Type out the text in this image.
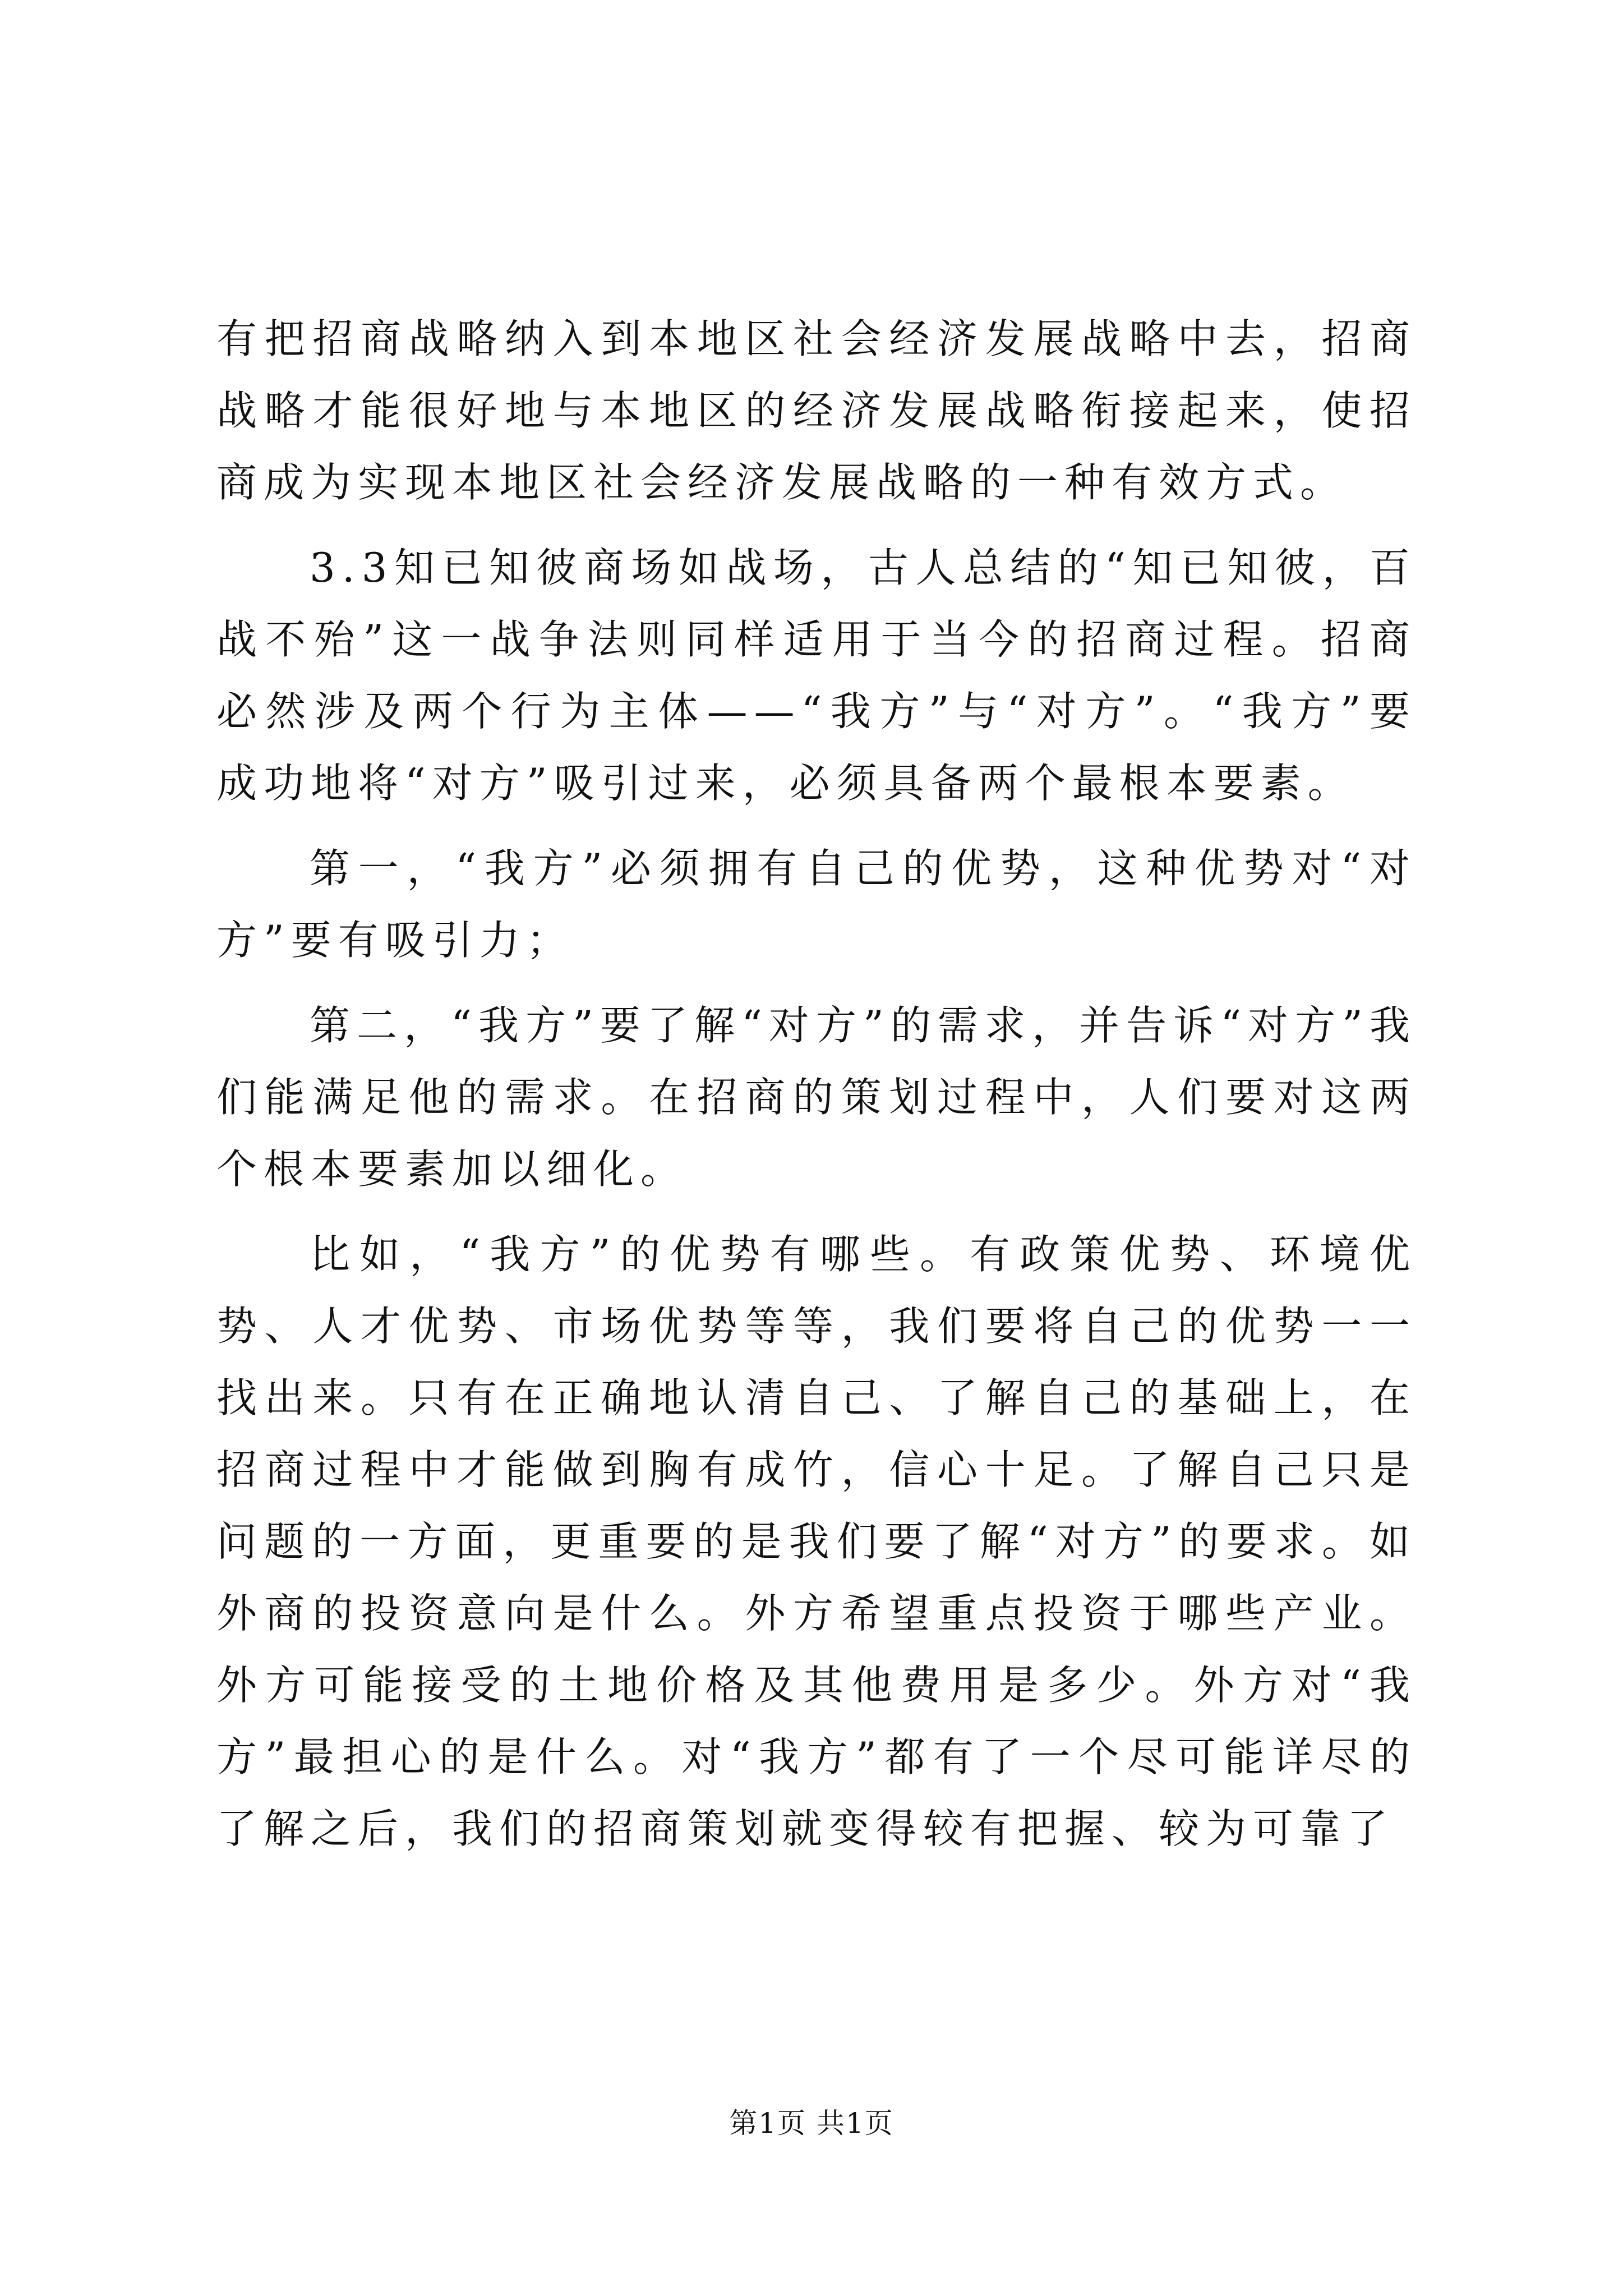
有把招商战略纳入到本地区社会经济发展战略中去，招商战略才能很好地与本地区的经济发展战略衔接起来，使招商成为实现本地区社会经济发展战略的一种有效方式。

3.3知已知彼商场如战场，古人总结的“知已知彼，百战不殆”这一战争法则同样适用于当今的招商过程。招商必然涉及两个行为主体——“我方”与“对方”。“我方”要成功地将“对方”吸引过来，必须具备两个最根本要素。

第一，“我方”必须拥有自己的优势，这种优势对“对方”要有吸引力；

第二，“我方”要了解“对方”的需求，并告诉“对方”我们能满足他的需求。在招商的策划过程中，人们要对这两个根本要素加以细化。

比如，“我方”的优势有哪些。有政策优势、环境优势、人才优势、市场优势等等，我们要将自己的优势一一找出来。只有在正确地认清自己、了解自己的基础上，在招商过程中才能做到胸有成竹，信心十足。了解自己只是问题的一方面，更重要的是我们要了解“对方”的要求。如外商的投资意向是什么。外方希望重点投资于哪些产业。外方可能接受的土地价格及其他费用是多少。外方对“我方”最担心的是什么。对“我方”都有了一个尽可能详尽的了解之后，我们的招商策划就变得较有把握、较为可靠了

第1页 共1页
